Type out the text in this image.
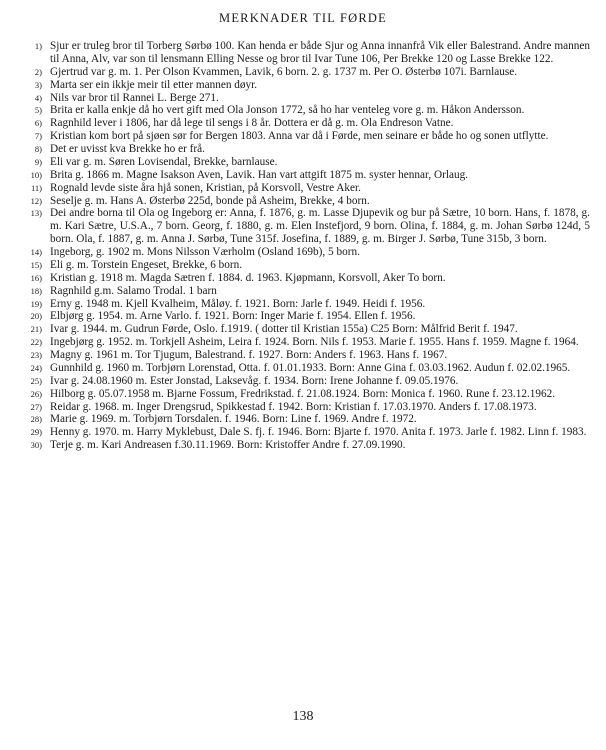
MERKNADER TIL FØRDE
1) Sjur er truleg bror til Torberg Sørbø 100. Kan henda er både Sjur og Anna innanfrå Vik eller Balestrand. Andre mannen til Anna, Alv, var son til lensmann Elling Nesse og bror til Ivar Tune 106, Per Brekke 120 og Lasse Brekke 122.
2) Gjertrud var g. m. 1. Per Olson Kvammen, Lavik, 6 born. 2. g. 1737 m. Per O. Østerbø 107i. Barnlause.
3) Marta ser ein ikkje meir til etter mannen døyr.
4) Nils var bror til Rannei L. Berge 271.
5) Brita er kalla enkje då ho vert gift med Ola Jonson 1772, så ho har venteleg vore g. m. Håkon Andersson.
6) Ragnhild lever i 1806, har då lege til sengs i 8 år. Dottera er då g. m. Ola Endreson Vatne.
7) Kristian kom bort på sjøen sør for Bergen 1803. Anna var då i Førde, men seinare er både ho og sonen utflytte.
8) Det er uvisst kva Brekke ho er frå.
9) Eli var g. m. Søren Lovisendal, Brekke, barnlause.
10) Brita g. 1866 m. Magne Isakson Aven, Lavik. Han vart attgift 1875 m. syster hennar, Orlaug.
11) Rognald levde siste åra hjå sonen, Kristian, på Korsvoll, Vestre Aker.
12) Seselje g. m. Hans A. Østerbø 225d, bonde på Asheim, Brekke, 4 born.
13) Dei andre borna til Ola og Ingeborg er: Anna, f. 1876, g. m. Lasse Djupevik og bur på Sætre, 10 born. Hans, f. 1878, g. m. Kari Sætre, U.S.A., 7 born. Georg, f. 1880, g. m. Elen Instefjord, 9 born. Olina, f. 1884, g. m. Johan Sørbø 124d, 5 born. Ola, f. 1887, g. m. Anna J. Sørbø, Tune 315f. Josefina, f. 1889, g. m. Birger J. Sørbø, Tune 315b, 3 born.
14) Ingeborg, g. 1902 m. Mons Nilsson Værholm (Osland 169b), 5 born.
15) Eli g. m. Torstein Engeset, Brekke, 6 born.
16) Kristian g. 1918 m. Magda Sætren f. 1884. d. 1963. Kjøpmann, Korsvoll, Aker To born.
18) Ragnhild g.m. Salamo Trodal. 1 barn
19) Erny g. 1948 m. Kjell Kvalheim, Måløy. f. 1921. Born: Jarle f. 1949. Heidi f. 1956.
20) Elbjørg g. 1954. m. Arne Varlo. f. 1921. Born: Inger Marie f. 1954. Ellen f. 1956.
21) Ivar g. 1944. m. Gudrun Førde, Oslo. f.1919. ( dotter til Kristian 155a) C25 Born: Målfrid Berit f. 1947.
22) Ingebjørg g. 1952. m. Torkjell Asheim, Leira f. 1924. Born. Nils f. 1953. Marie f. 1955. Hans f. 1959. Magne f. 1964.
23) Magny g. 1961 m. Tor Tjugum, Balestrand. f. 1927. Born: Anders f. 1963. Hans f. 1967.
24) Gunnhild g. 1960 m. Torbjørn Lorenstad, Otta. f. 01.01.1933. Born: Anne Gina f. 03.03.1962. Audun f. 02.02.1965.
25) Ivar g. 24.08.1960 m. Ester Jonstad, Laksevåg. f. 1934. Born: Irene Johanne f. 09.05.1976.
26) Hilborg g. 05.07.1958 m. Bjarne Fossum, Fredrikstad. f. 21.08.1924. Born: Monica f. 1960. Rune f. 23.12.1962.
27) Reidar g. 1968. m. Inger Drengsrud, Spikkestad f. 1942. Born: Kristian f. 17.03.1970. Anders f. 17.08.1973.
28) Marie g. 1969. m. Torbjørn Torsdalen. f. 1946. Born: Line f. 1969. Andre f. 1972.
29) Henny g. 1970. m. Harry Myklebust, Dale S. fj. f. 1946. Born: Bjarte f. 1970. Anita f. 1973. Jarle f. 1982. Linn f. 1983.
30) Terje g. m. Kari Andreasen f.30.11.1969. Born: Kristoffer Andre f. 27.09.1990.
138
